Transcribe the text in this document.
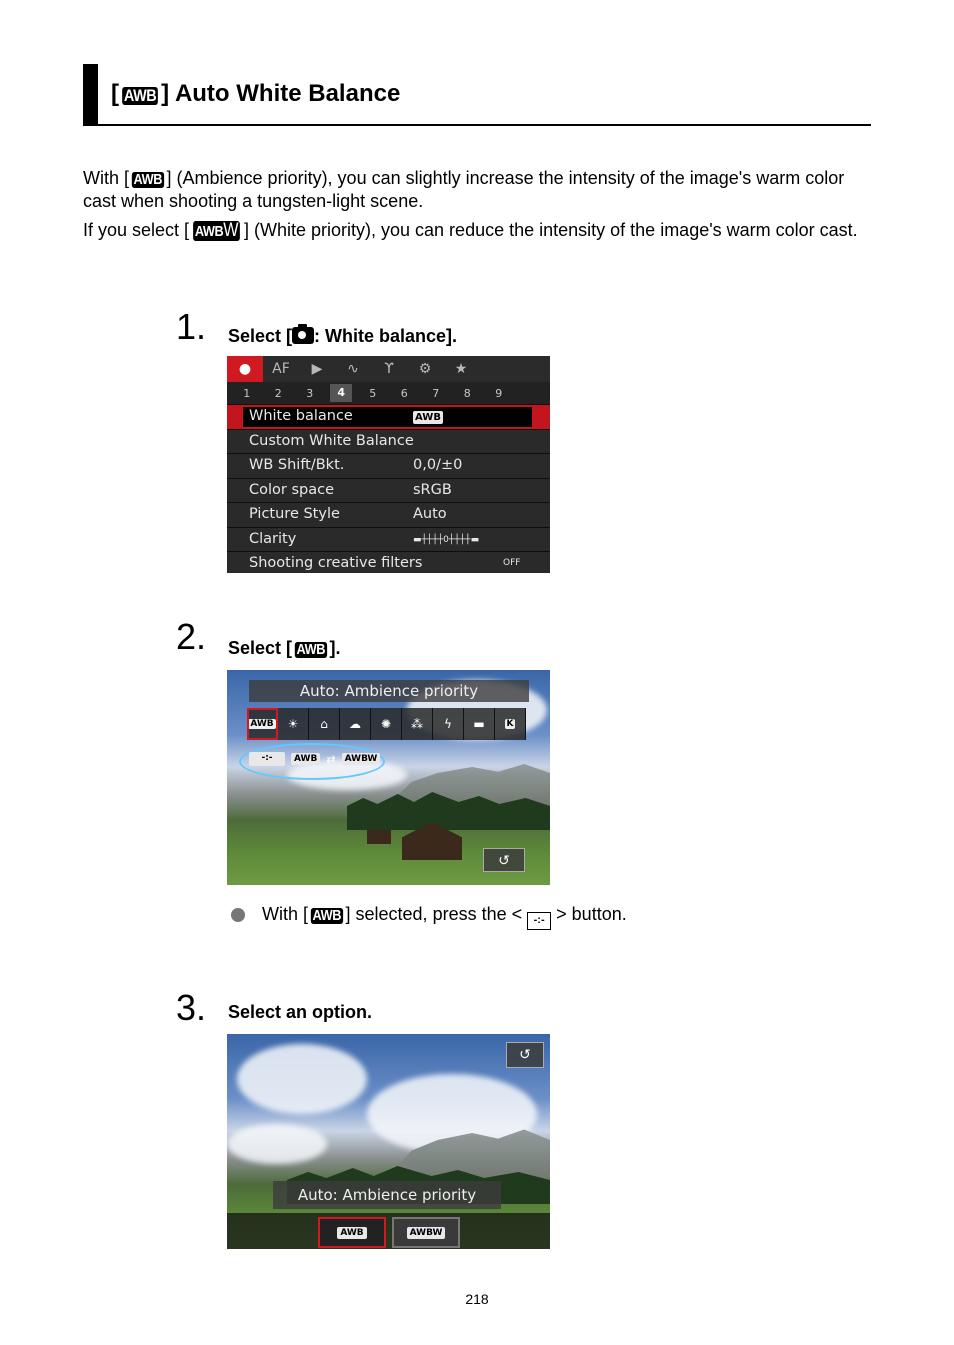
[ AWB ] Auto White Balance
With [ AWB ] (Ambience priority), you can slightly increase the intensity of the image's warm color cast when shooting a tungsten-light scene.
If you select [ AWBW ] (White priority), you can reduce the intensity of the image's warm color cast.
1. Select [ : White balance].
●	AF	▶	∿	ϒ	⚙	★
1	2	3	4	5	6	7	8	9
White balance	AWB
Custom White Balance
WB Shift/Bkt.	0,0/±0
Color space	sRGB
Picture Style	Auto
Clarity	▬┼┼┼┼0┼┼┼┼▬
Shooting creative filters	OFF
2. Select [ AWB ].
Auto: Ambience priority
AWB	☀	⌂	☁	✺	⁂	ϟ	▬	K
-:-	AWB ⇄	AWBW
↺
With [ AWB ] selected, press the < -:- > button.
3. Select an option.
↺
Auto: Ambience priority
AWB	AWBW
218
